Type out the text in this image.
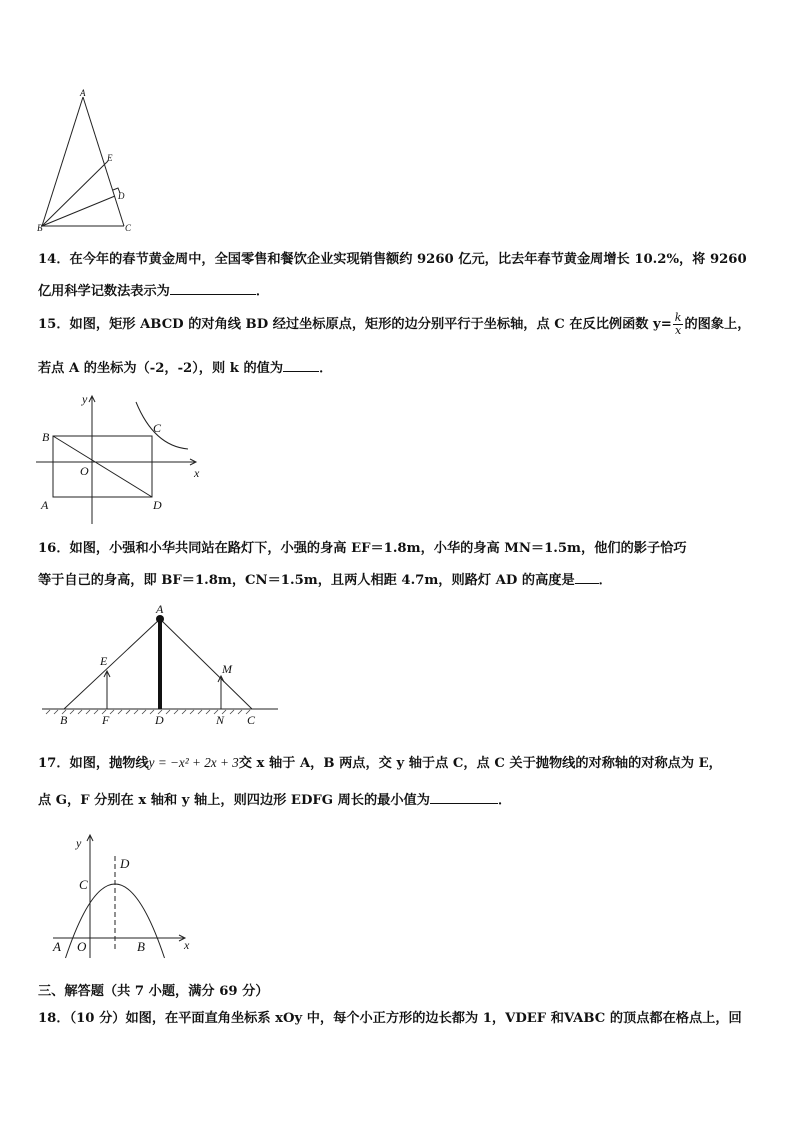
A
E
D
B	C
14．在今年的春节黄金周中，全国零售和餐饮企业实现销售额约 9260 亿元，比去年春节黄金周增长 10.2%，将 9260
亿用科学记数法表示为	．
15．如图，矩形 ABCD 的对角线 BD 经过坐标原点，矩形的边分别平行于坐标轴，点 C 在反比例函数 $y= \frac{k}{x}$ 的图象上，
若点 A 的坐标为（-2，-2），则 k 的值为	．
y
x
O
B
C
A	D
16．如图，小强和小华共同站在路灯下，小强的身高 EF＝1.8m，小华的身高 MN＝1.5m，他们的影子恰巧
等于自己的身高，即 BF＝1.8m，CN＝1.5m，且两人相距 4.7m，则路灯 AD 的高度是 ．
A
E
M
B	F	D	N C
17．如图，抛物线y = −x² + 2x + 3交 x 轴于 A，B 两点，交 y 轴于点 C，点 C 关于抛物线的对称轴的对称点为 E，
点 G，F 分别在 x 轴和 y 轴上，则四边形 EDFG 周长的最小值为	．
y
x
C
D
A O	B
三、解答题（共 7 小题，满分 69 分）
18．（10 分）如图，在平面直角坐标系 xOy 中，每个小正方形的边长都为 1，VDEF 和VABC 的顶点都在格点上，回
